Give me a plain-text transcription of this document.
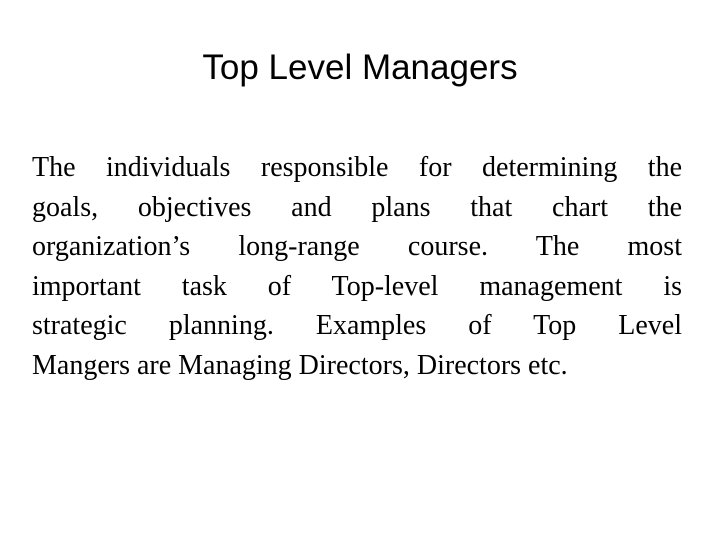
Top Level Managers

The individuals responsible for determining the
goals, objectives and plans that chart the
organization’s long-range course. The most
important task of Top-level management is
strategic planning. Examples of Top Level
Mangers are Managing Directors, Directors etc.
